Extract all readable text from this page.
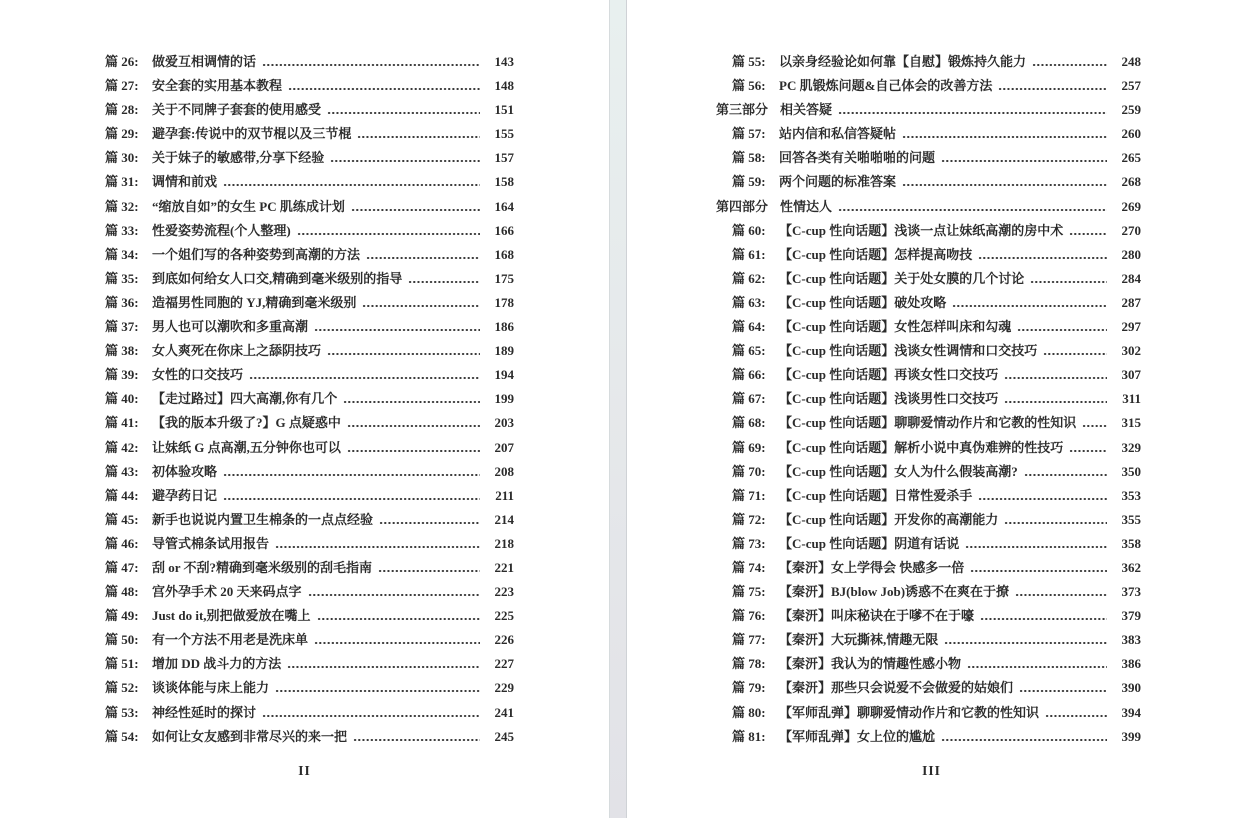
篇 26:	做爱互相调情的话	143
篇 27:	安全套的实用基本教程	148
篇 28:	关于不同牌子套套的使用感受	151
篇 29:	避孕套:传说中的双节棍以及三节棍	155
篇 30:	关于妹子的敏感带,分享下经验	157
篇 31:	调情和前戏	158
篇 32:	“缩放自如”的女生 PC 肌练成计划	164
篇 33:	性爱姿势流程(个人整理)	166
篇 34:	一个姐们写的各种姿势到高潮的方法	168
篇 35:	到底如何给女人口交,精确到毫米级别的指导	175
篇 36:	造福男性同胞的 YJ,精确到毫米级别	178
篇 37:	男人也可以潮吹和多重高潮	186
篇 38:	女人爽死在你床上之舔阴技巧	189
篇 39:	女性的口交技巧	194
篇 40:	【走过路过】四大高潮,你有几个	199
篇 41:	【我的版本升级了?】G 点疑惑中	203
篇 42:	让妹纸 G 点高潮,五分钟你也可以	207
篇 43:	初体验攻略	208
篇 44:	避孕药日记	211
篇 45:	新手也说说内置卫生棉条的一点点经验	214
篇 46:	导管式棉条试用报告	218
篇 47:	刮 or 不刮?精确到毫米级别的刮毛指南	221
篇 48:	宫外孕手术 20 天来码点字	223
篇 49:	Just do it,别把做爱放在嘴上	225
篇 50:	有一个方法不用老是洗床单	226
篇 51:	增加 DD 战斗力的方法	227
篇 52:	谈谈体能与床上能力	229
篇 53:	神经性延时的探讨	241
篇 54:	如何让女友感到非常尽兴的来一把	245
II
篇 55:	以亲身经验论如何靠【自慰】锻炼持久能力	248
篇 56:	PC 肌锻炼问题&自己体会的改善方法	257
第三部分 相关答疑	259
篇 57:	站内信和私信答疑帖	260
篇 58:	回答各类有关啪啪啪的问题	265
篇 59:	两个问题的标准答案	268
第四部分 性情达人	269
篇 60:	【C-cup 性向话题】浅谈一点让妹纸高潮的房中术	270
篇 61:	【C-cup 性向话题】怎样提高吻技	280
篇 62:	【C-cup 性向话题】关于处女膜的几个讨论	284
篇 63:	【C-cup 性向话题】破处攻略	287
篇 64:	【C-cup 性向话题】女性怎样叫床和勾魂	297
篇 65:	【C-cup 性向话题】浅谈女性调情和口交技巧	302
篇 66:	【C-cup 性向话题】再谈女性口交技巧	307
篇 67:	【C-cup 性向话题】浅谈男性口交技巧	311
篇 68:	【C-cup 性向话题】聊聊爱情动作片和它教的性知识	315
篇 69:	【C-cup 性向话题】解析小说中真伪难辨的性技巧	329
篇 70:	【C-cup 性向话题】女人为什么假装高潮?	350
篇 71:	【C-cup 性向话题】日常性爱杀手	353
篇 72:	【C-cup 性向话题】开发你的高潮能力	355
篇 73:	【C-cup 性向话题】阴道有话说	358
篇 74:	【秦汧】女上学得会 快感多一倍	362
篇 75:	【秦汧】BJ(blow Job)诱惑不在爽在于撩	373
篇 76:	【秦汧】叫床秘诀在于嗲不在于嚎	379
篇 77:	【秦汧】大玩撕袜,情趣无限	383
篇 78:	【秦汧】我认为的情趣性感小物	386
篇 79:	【秦汧】那些只会说爱不会做爱的姑娘们	390
篇 80:	【军师乱弹】聊聊爱情动作片和它教的性知识	394
篇 81:	【军师乱弹】女上位的尴尬	399
III
